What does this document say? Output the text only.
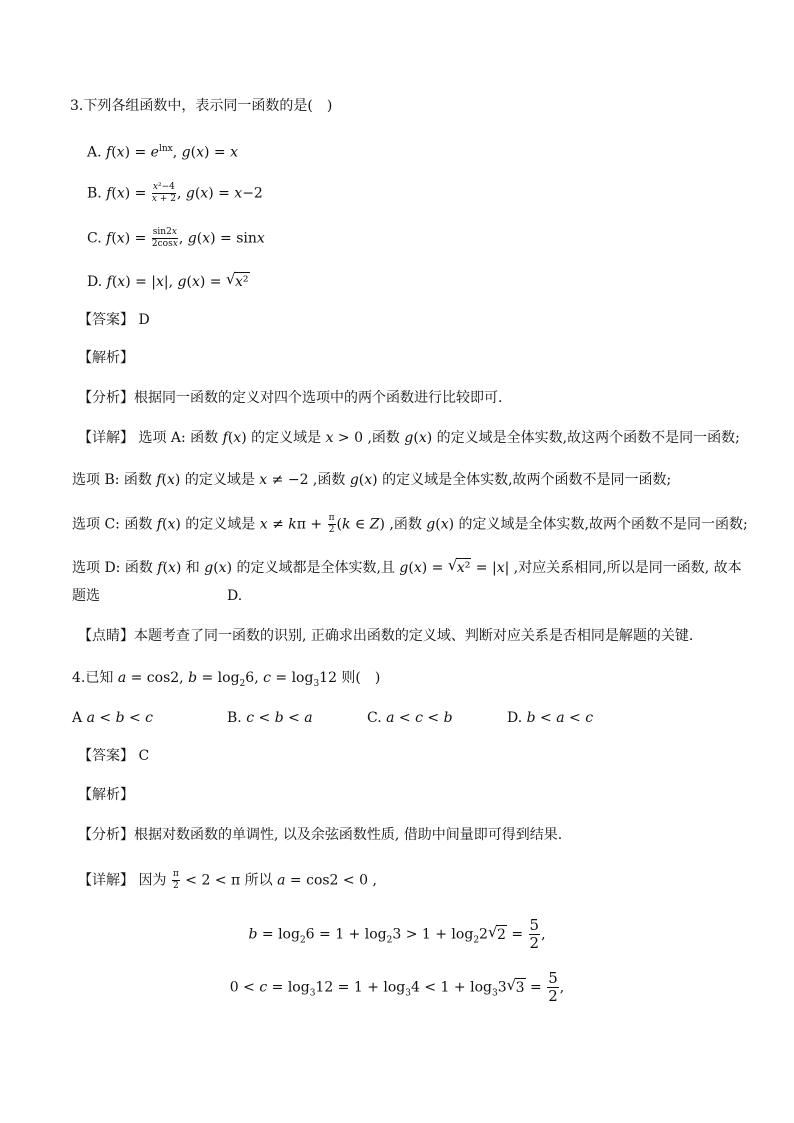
3.下列各组函数中，表示同一函数的是(　)
A. $f(x) = e^{lnx}$, g(x) = x
B. $f(x) = \frac{\text{x²−4}}{x + 2}$ , g(x) = x−2
C. $f(x) = \frac{\sin 2x}{2\cos x}$ , g(x) = sinx
D. f(x) = |x|, g(x) = √ x²
【答案】 D
【解析】
【分析】根据同一函数的定义对四个选项中的两个函数进行比较即可.
【详解】 选项 A: 函数 f(x) 的定义域是 x > 0 ,函数 g(x) 的定义域是全体实数,故这两个函数不是同一函数;
选项 B: 函数 f(x) 的定义域是 x ≠ −2 ,函数 g(x) 的定义域是全体实数,故两个函数不是同一函数;
选项 C: 函数 f(x) 的定义域是 $x \ne k\pi + \frac{\pi}{2} (k$ ∈ Z) ,函数 g(x) 的定义域是全体实数,故两个函数不是同一函数;
选项 D: 函数 f(x) 和 g(x) 的定义域都是全体实数,且 g(x) = √ x² = |x| ,对应关系相同,所以是同一函数, 故本
题选	D.
【点睛】本题考查了同一函数的识别, 正确求出函数的定义域、判断对应关系是否相同是解题的关键.
4.已知 a = cos2, $b = \log_26$, $c = \log_312$ 则(　)
A a < b < c	B. c < b < a	C. a < c < b	D. b < a < c
【答案】 C
【解析】
【分析】根据对数函数的单调性, 以及余弦函数性质, 借助中间量即可得到结果.
【详解】 因为 $\frac{\pi}{2} < 2 < \pi$ 所以 a = cos2 < 0 ,
$b = \log_26 = 1 + \log_23 > 1 + \log_22√$ $2 = \frac{5}{2}$ ,
$0 < c = \log_312 = 1 + \log_34 < 1 + \log_33√$ $3 = \frac{5}{2}$ ,
